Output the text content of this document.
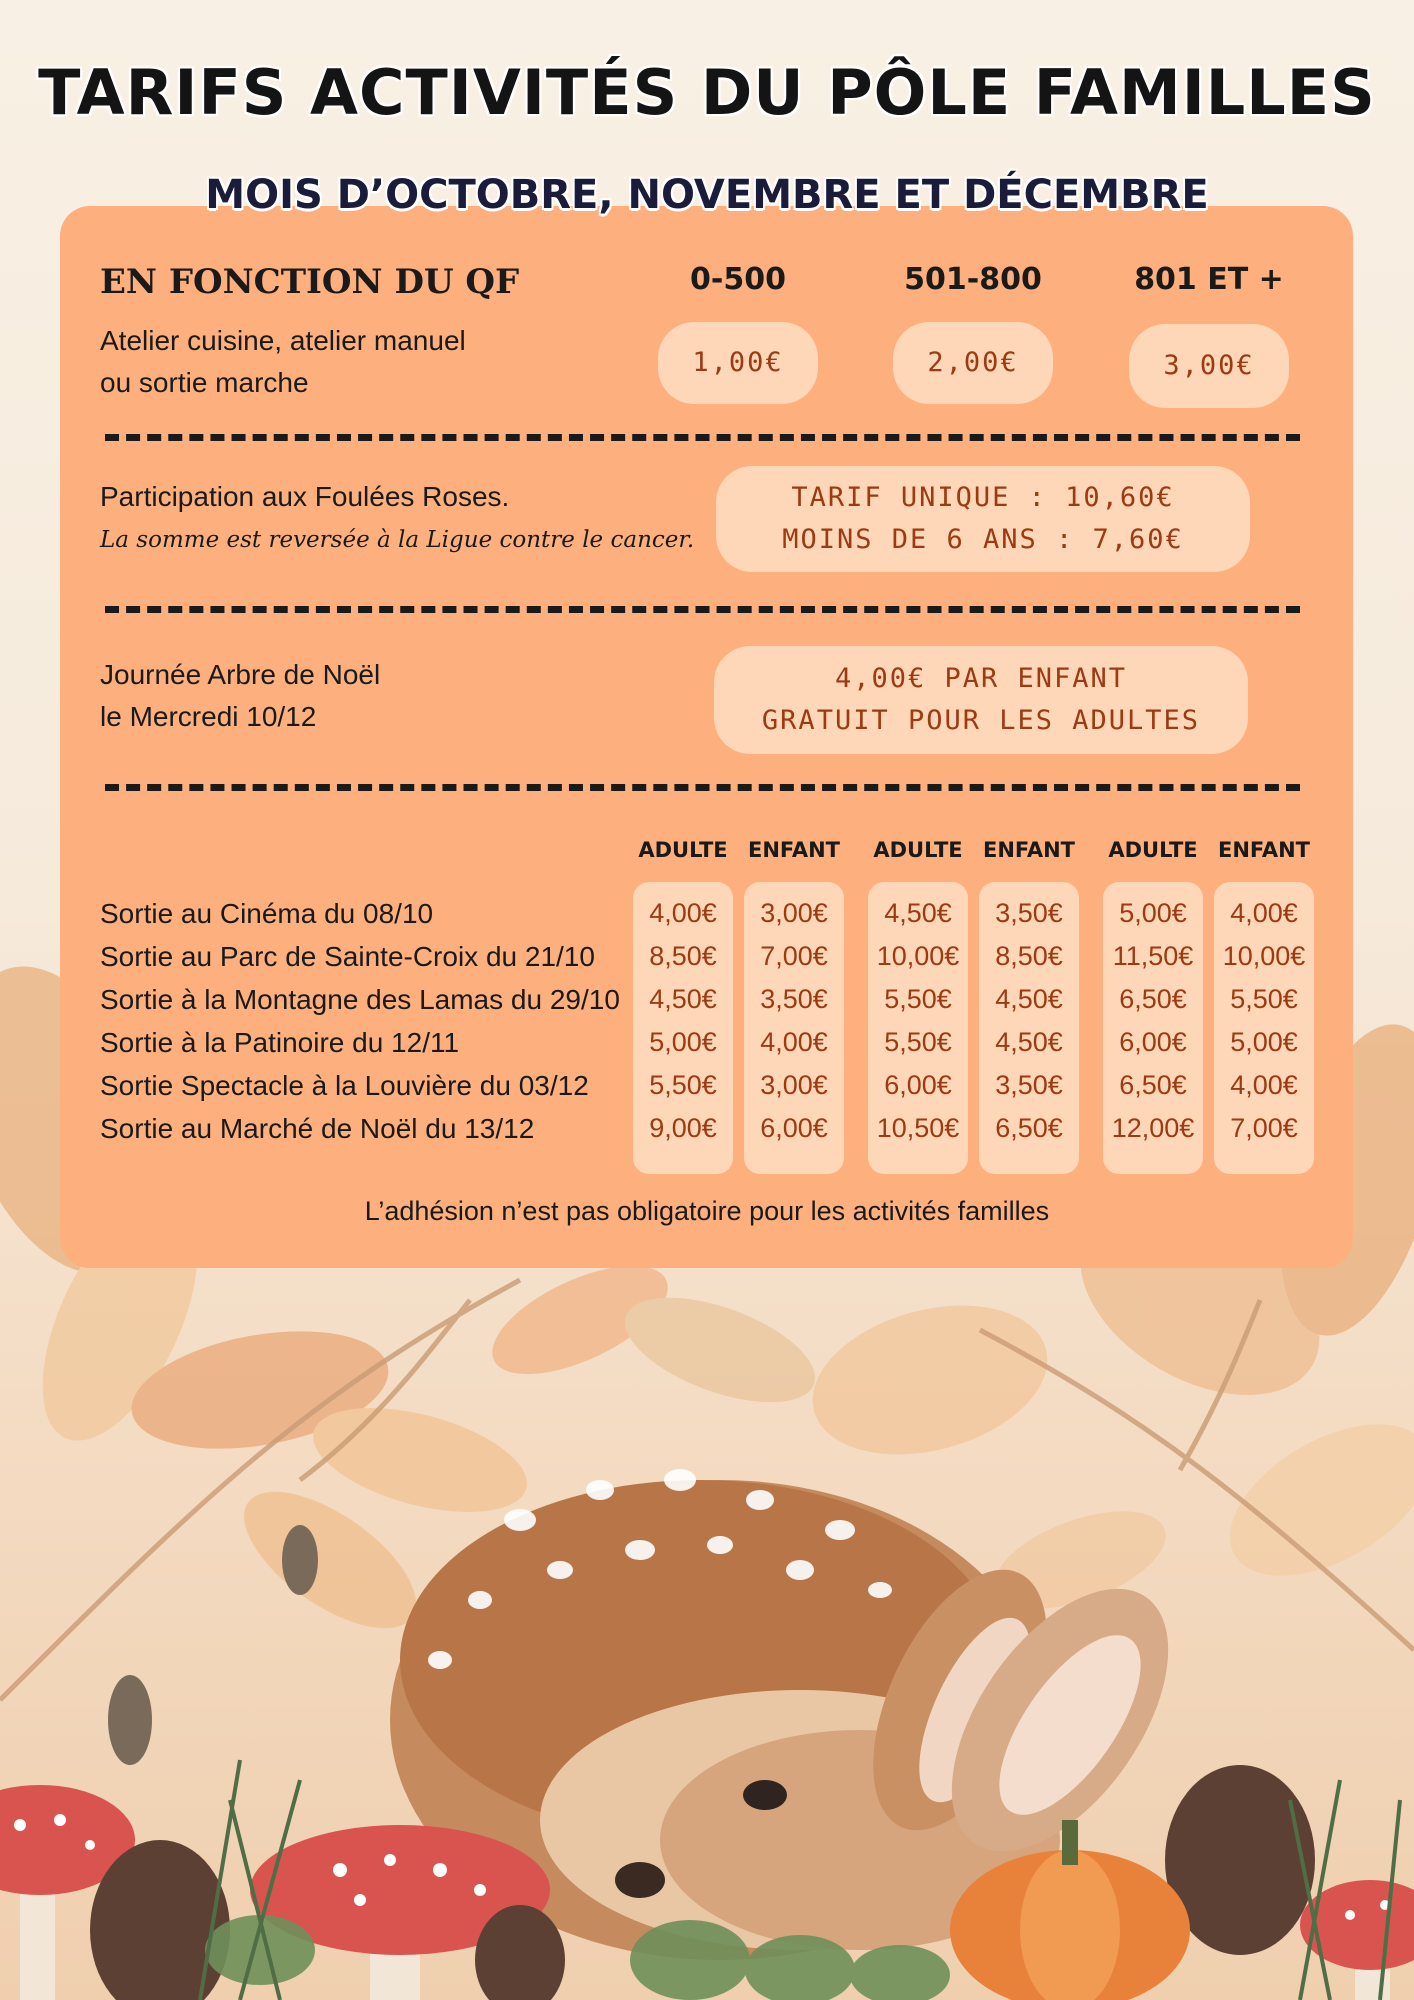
TARIFS ACTIVITÉS DU PÔLE FAMILLES
MOIS D’OCTOBRE, NOVEMBRE ET DÉCEMBRE
EN FONCTION DU QF	0-500	501-800	801 ET +
Atelier cuisine, atelier manuel
ou sortie marche
1,00€	2,00€	3,00€
Participation aux Foulées Roses.
La somme est reversée à la Ligue contre le cancer.
TARIF UNIQUE : 10,60€
MOINS DE 6 ANS : 7,60€
Journée Arbre de Noël
le Mercredi 10/12
4,00€ PAR ENFANT
GRATUIT POUR LES ADULTES
ADULTE ENFANT	ADULTE ENFANT	ADULTE ENFANT
Sortie au Cinéma du 08/10	4,00€	3,00€	4,50€	3,50€	5,00€	4,00€
Sortie au Parc de Sainte-Croix du 21/10	8,50€	7,00€	10,00€	8,50€	11,50€	10,00€
Sortie à la Montagne des Lamas du 29/10	4,50€	3,50€	5,50€	4,50€	6,50€	5,50€
Sortie à la Patinoire du 12/11	5,00€	4,00€	5,50€	4,50€	6,00€	5,00€
Sortie Spectacle à la Louvière du 03/12	5,50€	3,00€	6,00€	3,50€	6,50€	4,00€
Sortie au Marché de Noël du 13/12	9,00€	6,00€	10,50€	6,50€	12,00€	7,00€
L’adhésion n’est pas obligatoire pour les activités familles
